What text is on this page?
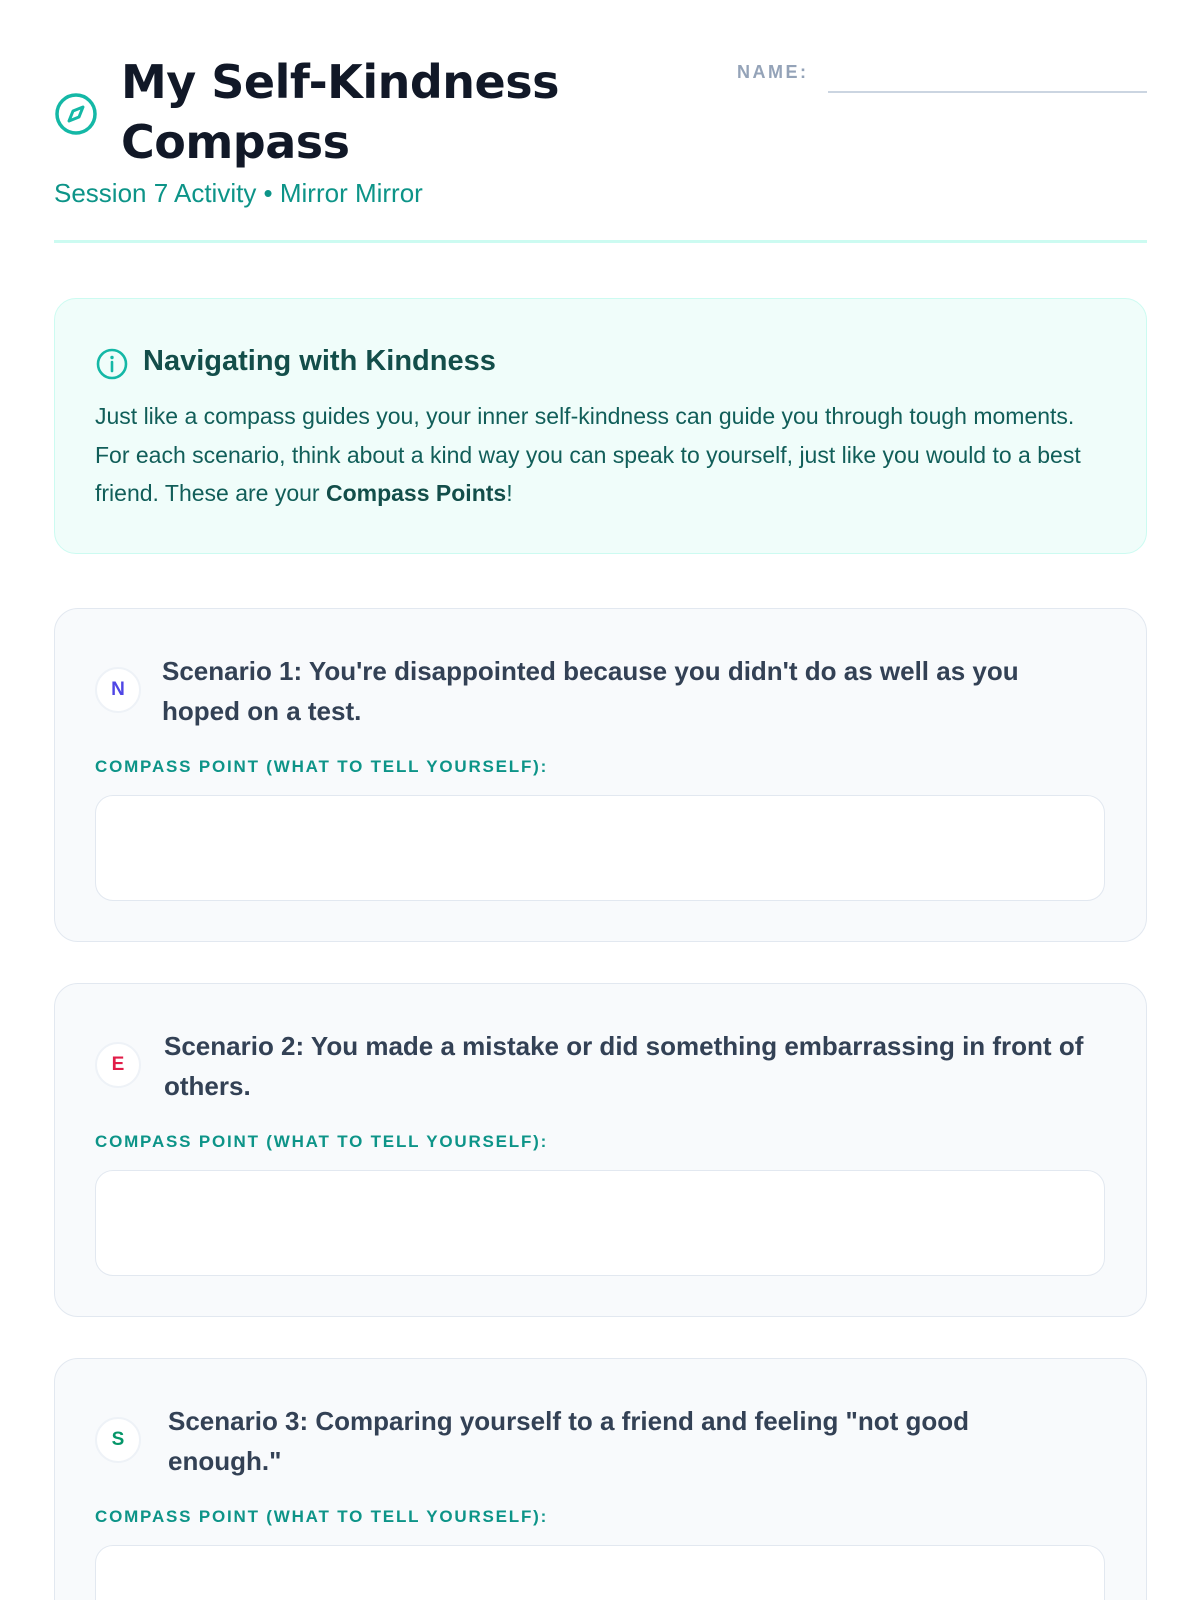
My Self-Kindness Compass
Session 7 Activity • Mirror Mirror
NAME:
Navigating with Kindness

Just like a compass guides you, your inner self-kindness can guide you through tough moments. For each scenario, think about a kind way you can speak to yourself, just like you would to a best friend. These are your Compass Points!

N
Scenario 1: You're disappointed because you didn't do as well as you hoped on a test.
COMPASS POINT (WHAT TO TELL YOURSELF):
E
Scenario 2: You made a mistake or did something embarrassing in front of others.
COMPASS POINT (WHAT TO TELL YOURSELF):
S
Scenario 3: Comparing yourself to a friend and feeling "not good enough."
COMPASS POINT (WHAT TO TELL YOURSELF):
